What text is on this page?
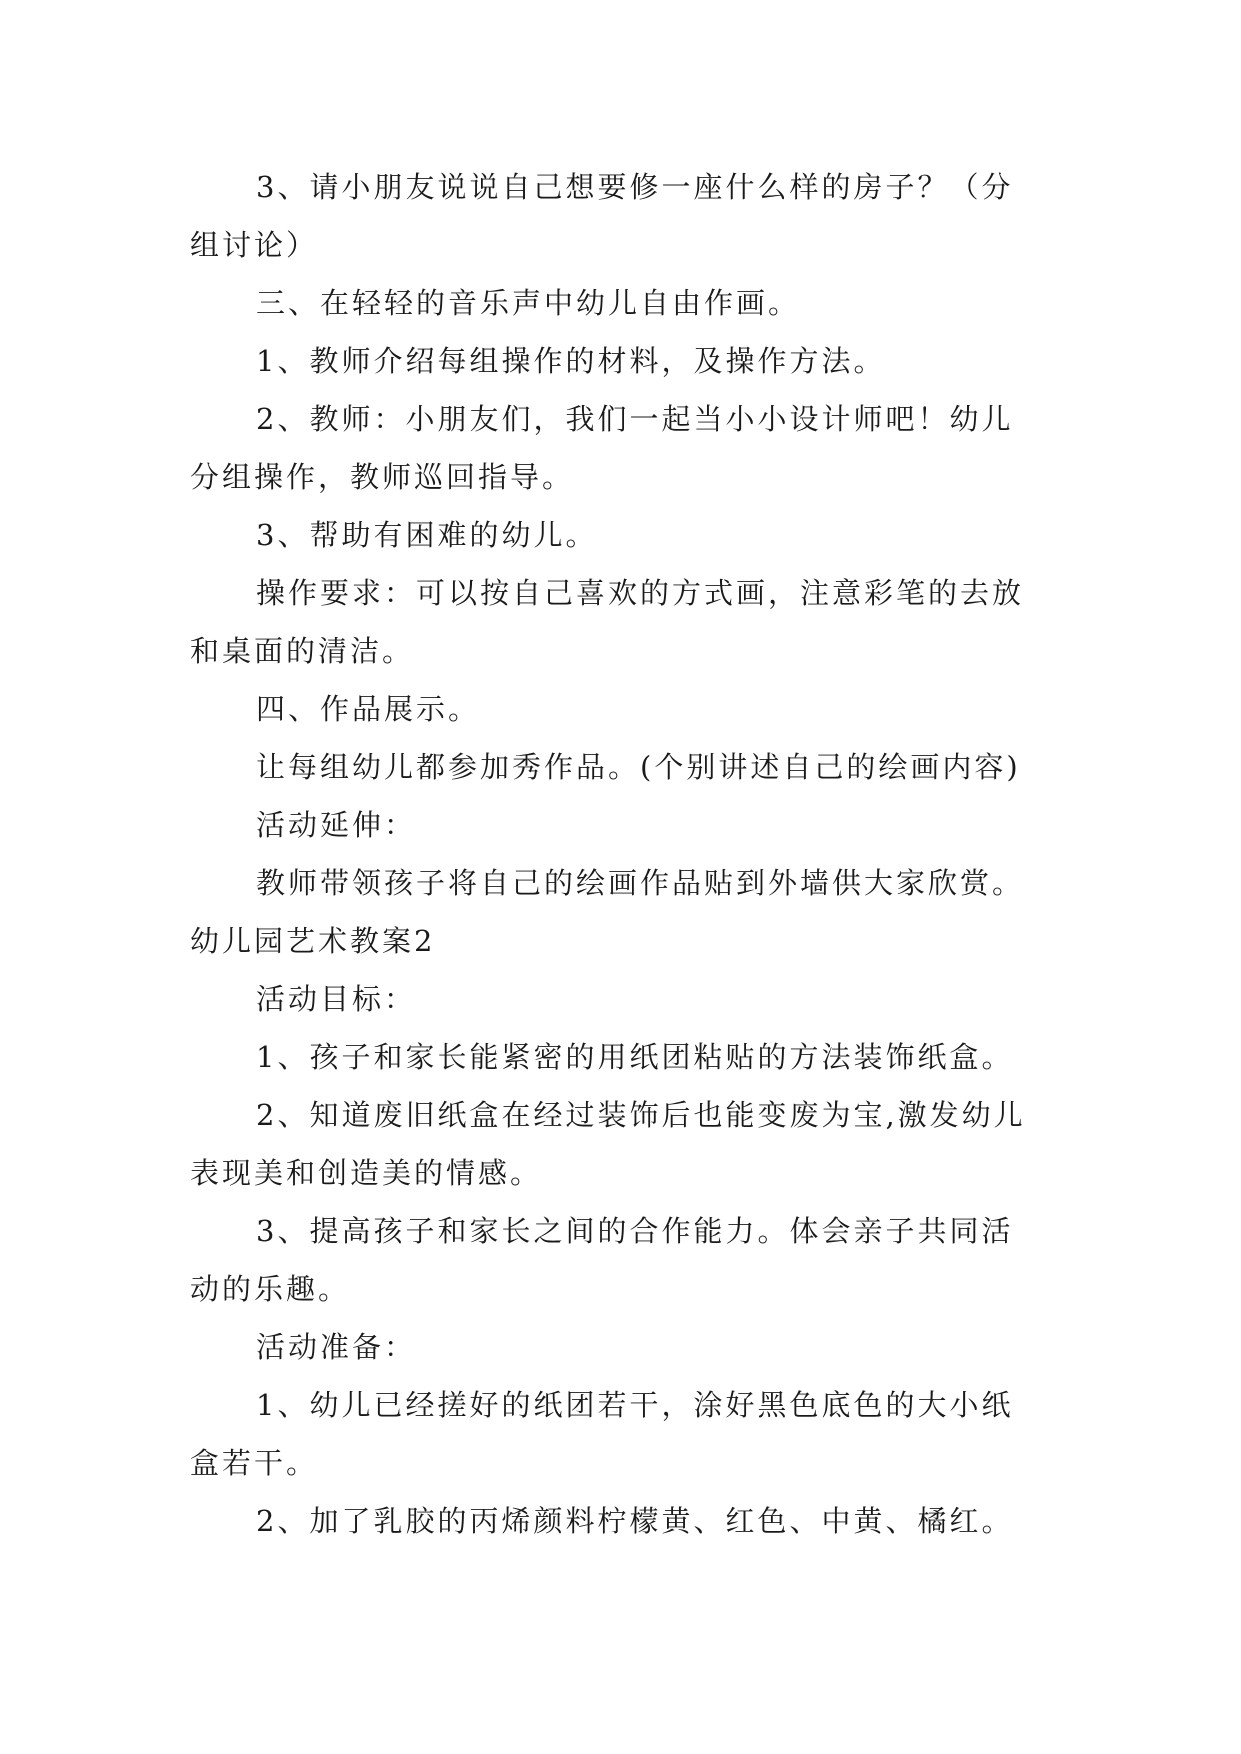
3、请小朋友说说自己想要修一座什么样的房子？（分
组讨论）
三、在轻轻的音乐声中幼儿自由作画。
1、教师介绍每组操作的材料，及操作方法。
2、教师：小朋友们，我们一起当小小设计师吧！幼儿
分组操作，教师巡回指导。
3、帮助有困难的幼儿。
操作要求：可以按自己喜欢的方式画，注意彩笔的去放
和桌面的清洁。
四、作品展示。
让每组幼儿都参加秀作品。(个别讲述自己的绘画内容)
活动延伸：
教师带领孩子将自己的绘画作品贴到外墙供大家欣赏。
幼儿园艺术教案2
活动目标：
1、孩子和家长能紧密的用纸团粘贴的方法装饰纸盒。
2、知道废旧纸盒在经过装饰后也能变废为宝,激发幼儿
表现美和创造美的情感。
3、提高孩子和家长之间的合作能力。体会亲子共同活
动的乐趣。
活动准备：
1、幼儿已经搓好的纸团若干，涂好黑色底色的大小纸
盒若干。
2、加了乳胶的丙烯颜料柠檬黄、红色、中黄、橘红。
